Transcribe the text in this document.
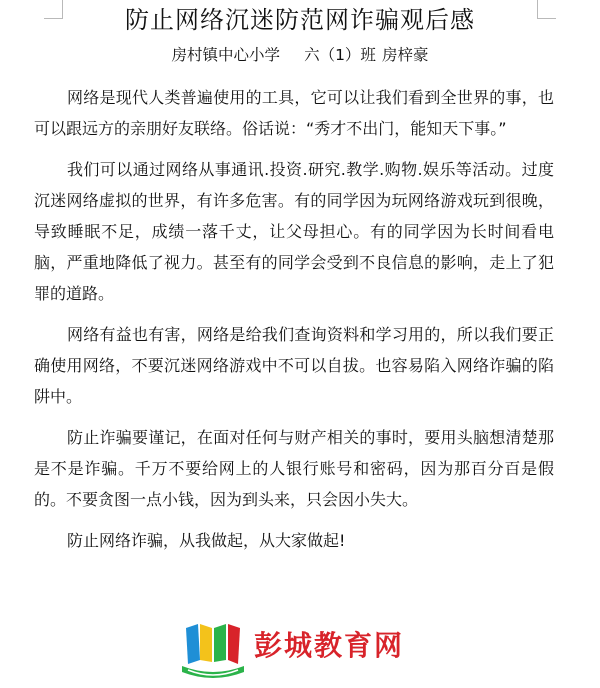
防止网络沉迷防范网诈骗观后感
房村镇中心小学 六（1）班 房梓豪

网络是现代人类普遍使用的工具，它可以让我们看到全世界的事，也可以跟远方的亲朋好友联络。俗话说：“秀才不出门，能知天下事。”

我们可以通过网络从事通讯.投资.研究.教学.购物.娱乐等活动。过度沉迷网络虚拟的世界，有许多危害。有的同学因为玩网络游戏玩到很晚，导致睡眠不足，成绩一落千丈，让父母担心。有的同学因为长时间看电脑，严重地降低了视力。甚至有的同学会受到不良信息的影响，走上了犯罪的道路。

网络有益也有害，网络是给我们查询资料和学习用的，所以我们要正确使用网络，不要沉迷网络游戏中不可以自拔。也容易陷入网络诈骗的陷阱中。

防止诈骗要谨记，在面对任何与财产相关的事时，要用头脑想清楚那是不是诈骗。千万不要给网上的人银行账号和密码，因为那百分百是假的。不要贪图一点小钱，因为到头来，只会因小失大。

防止网络诈骗，从我做起，从大家做起!

彭城教育网
